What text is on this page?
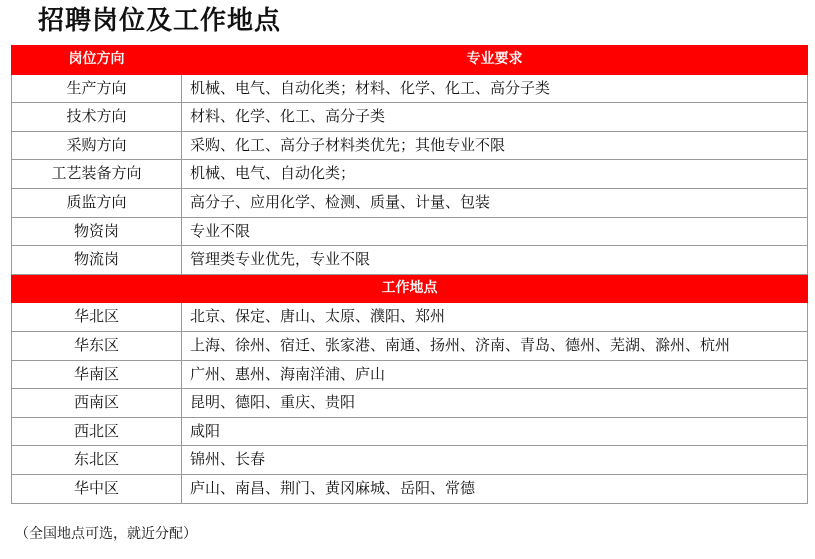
招聘岗位及工作地点
岗位方向	专业要求
生产方向	机械、电气、自动化类；材料、化学、化工、高分子类
技术方向	材料、化学、化工、高分子类
采购方向	采购、化工、高分子材料类优先；其他专业不限
工艺装备方向	机械、电气、自动化类；
质监方向	高分子、应用化学、检测、质量、计量、包装
物资岗	专业不限
物流岗	管理类专业优先，专业不限
工作地点	
华北区	北京、保定、唐山、太原、濮阳、郑州
华东区	上海、徐州、宿迁、张家港、南通、扬州、济南、青岛、德州、芜湖、滁州、杭州
华南区	广州、惠州、海南洋浦、庐山
西南区	昆明、德阳、重庆、贵阳
西北区	咸阳
东北区	锦州、长春
华中区	庐山、南昌、荆门、黄冈麻城、岳阳、常德
（全国地点可选，就近分配）
